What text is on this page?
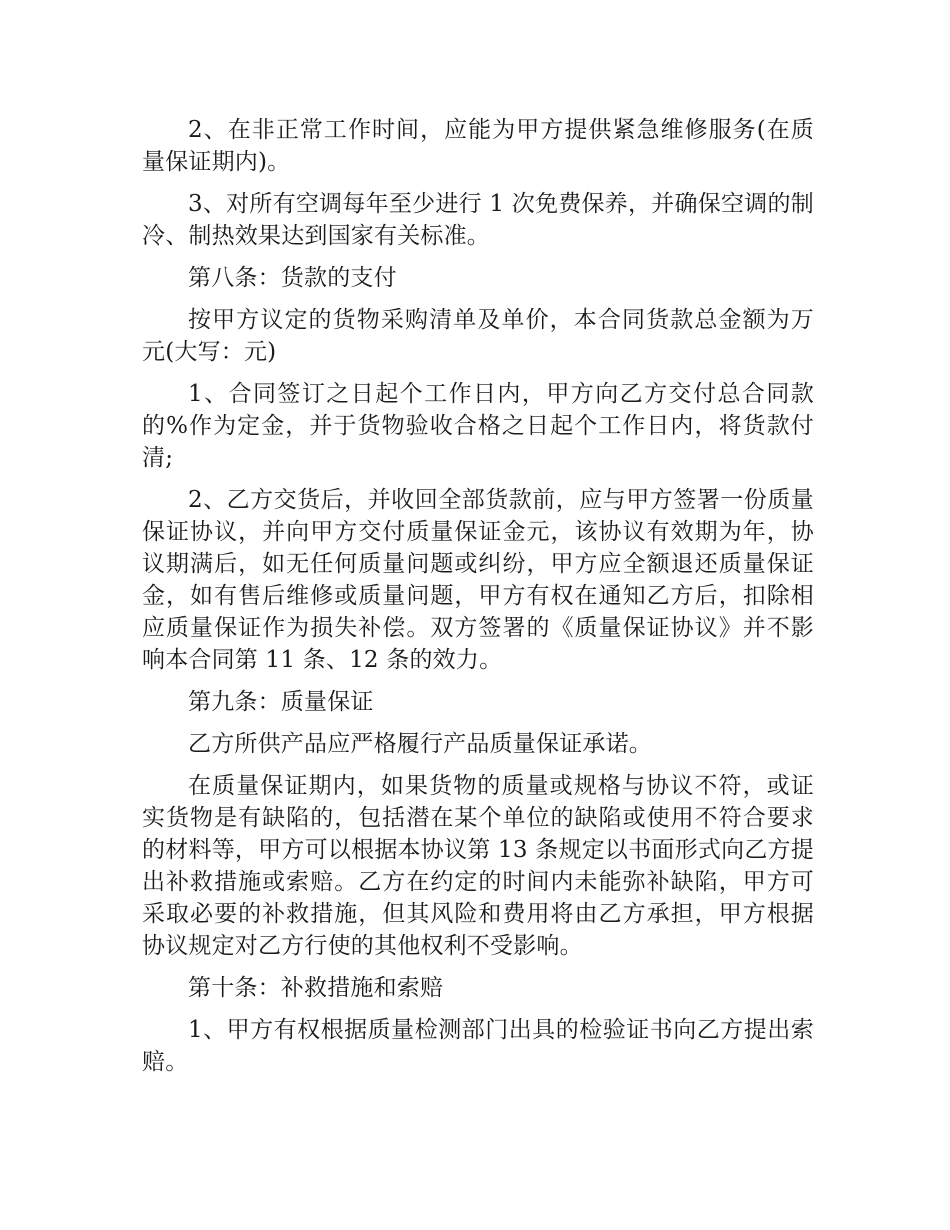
2、在非正常工作时间，应能为甲方提供紧急维修服务(在质量保证期内)。

3、对所有空调每年至少进行 1 次免费保养，并确保空调的制冷、制热效果达到国家有关标准。

第八条：货款的支付

按甲方议定的货物采购清单及单价，本合同货款总金额为万元(大写：元)

1、合同签订之日起个工作日内，甲方向乙方交付总合同款的%作为定金，并于货物验收合格之日起个工作日内，将货款付清;

2、乙方交货后，并收回全部货款前，应与甲方签署一份质量保证协议，并向甲方交付质量保证金元，该协议有效期为年，协议期满后，如无任何质量问题或纠纷，甲方应全额退还质量保证金，如有售后维修或质量问题，甲方有权在通知乙方后，扣除相应质量保证作为损失补偿。双方签署的《质量保证协议》并不影响本合同第 11 条、12 条的效力。

第九条：质量保证

乙方所供产品应严格履行产品质量保证承诺。

在质量保证期内，如果货物的质量或规格与协议不符，或证实货物是有缺陷的，包括潜在某个单位的缺陷或使用不符合要求的材料等，甲方可以根据本协议第 13 条规定以书面形式向乙方提出补救措施或索赔。乙方在约定的时间内未能弥补缺陷，甲方可采取必要的补救措施，但其风险和费用将由乙方承担，甲方根据协议规定对乙方行使的其他权利不受影响。

第十条：补救措施和索赔

1、甲方有权根据质量检测部门出具的检验证书向乙方提出索赔。
